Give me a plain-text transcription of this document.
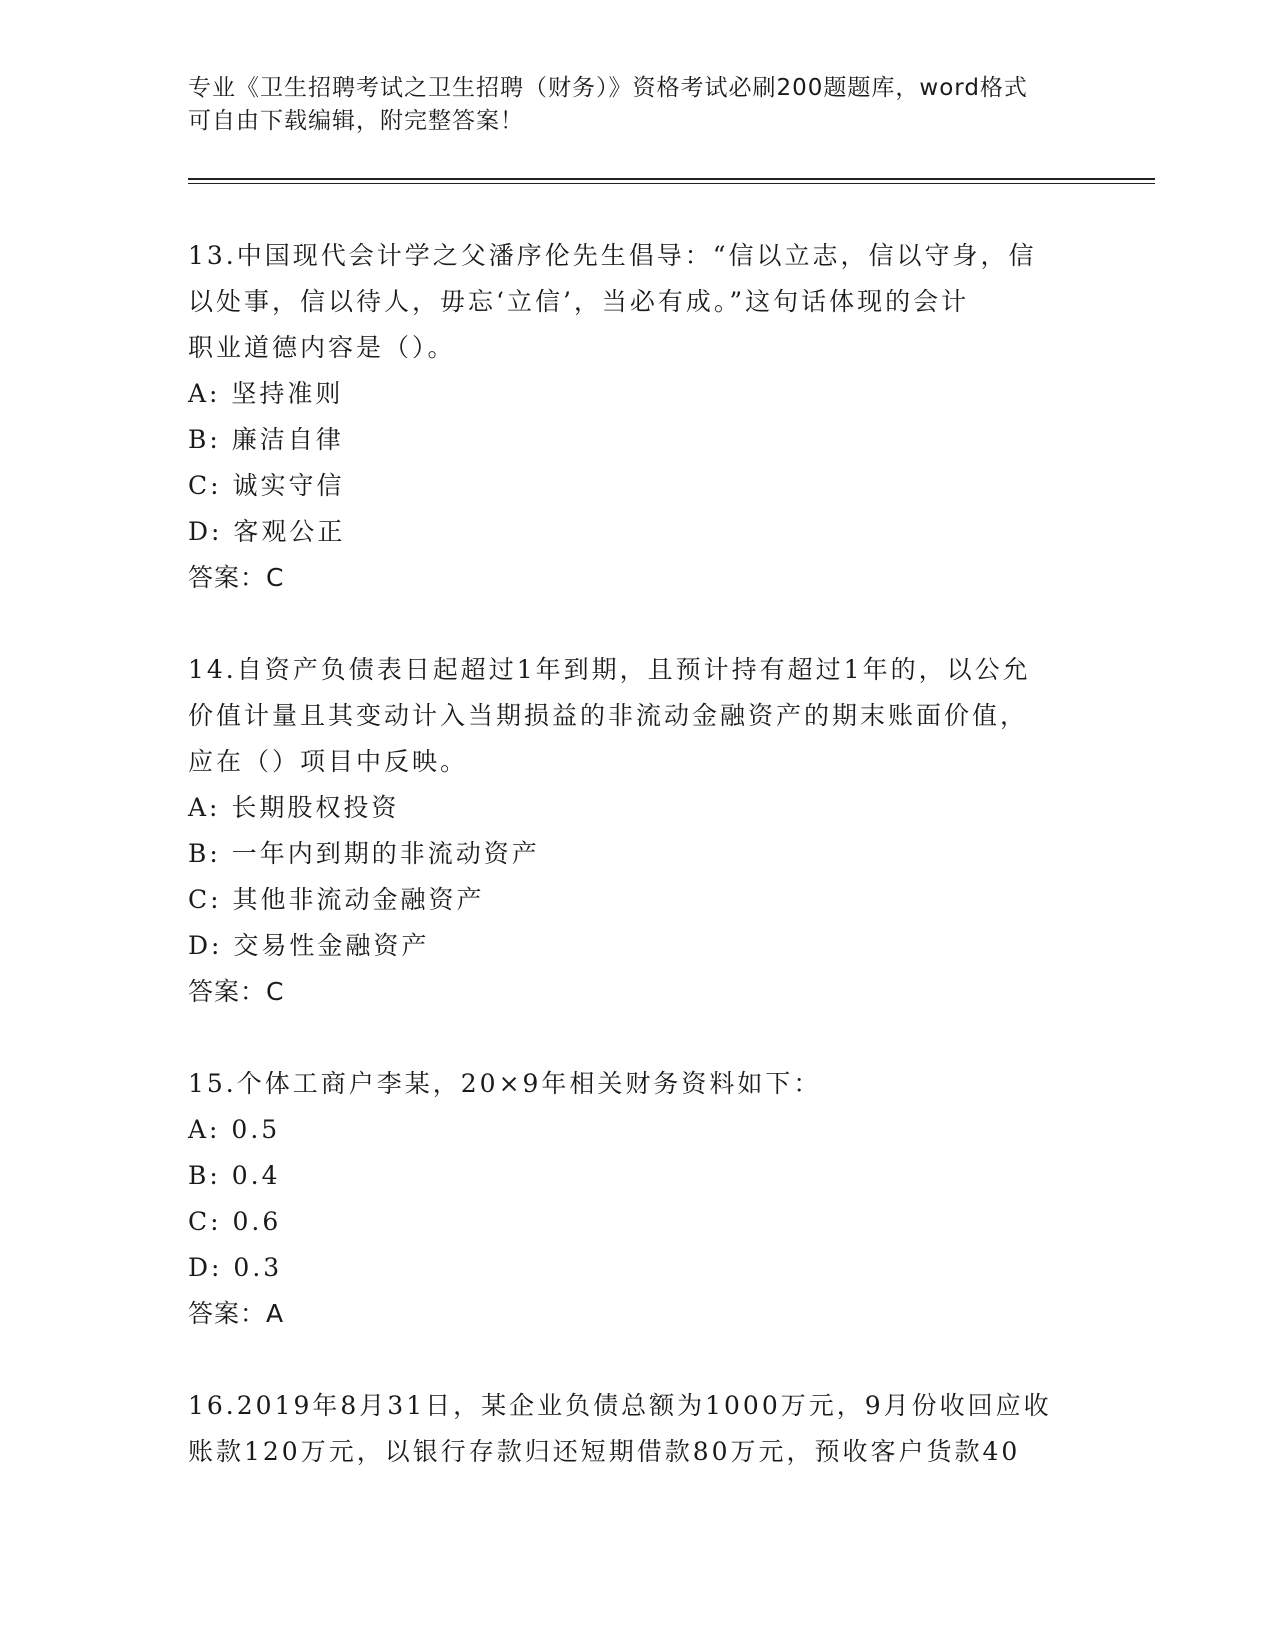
专业《卫生招聘考试之卫生招聘（财务）》资格考试必刷200题题库，word格式
可自由下载编辑，附完整答案！
13.中国现代会计学之父潘序伦先生倡导：“信以立志，信以守身，信
以处事，信以待人，毋忘‘立信’，当必有成。”这句话体现的会计
职业道德内容是（）。
A: 坚持准则
B: 廉洁自律
C: 诚实守信
D: 客观公正
答案：C
14.自资产负债表日起超过1年到期，且预计持有超过1年的，以公允
价值计量且其变动计入当期损益的非流动金融资产的期末账面价值，
应在（）项目中反映。
A: 长期股权投资
B: 一年内到期的非流动资产
C: 其他非流动金融资产
D: 交易性金融资产
答案：C
15.个体工商户李某，20×9年相关财务资料如下：
A: 0.5
B: 0.4
C: 0.6
D: 0.3
答案：A
16.2019年8月31日，某企业负债总额为1000万元，9月份收回应收
账款120万元，以银行存款归还短期借款80万元，预收客户货款40
